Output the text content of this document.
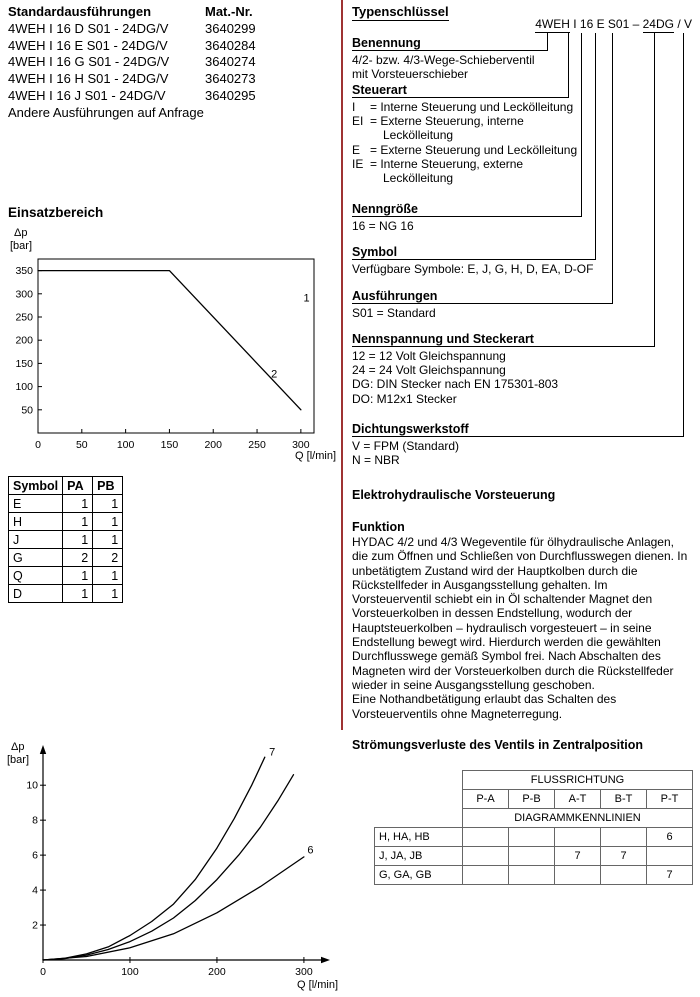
Standardausführungen	Mat.-Nr.
4WEH I 16 D S01 - 24DG/V	3640299
4WEH I 16 E S01 - 24DG/V	3640284
4WEH I 16 G S01 - 24DG/V	3640274
4WEH I 16 H S01 - 24DG/V	3640273
4WEH I 16 J S01 - 24DG/V	3640295
Andere Ausführungen auf Anfrage
Einsatzbereich
0	50	100	150	200	250	300
50
100
150
200
250
300
350
1
2
Δp
[bar]
Q [l/min]
Symbol	PA	PB
E	1	1
H	1	1
J	1	1
G	2	2
Q	1	1
D	1	1
0	100	200	300
2
4
6
8
10
7
6
Δp
[bar]
Q [l/min]
Typenschlüssel
4WEH I 16 E S01 – 24DG / V
Benennung
4/2- bzw. 4/3-Wege-Schieberventil
mit Vorsteuerschieber
Steuerart
I	= Interne Steuerung und Leckölleitung
EI = Externe Steuerung, interne
Leckölleitung
E = Externe Steuerung und Leckölleitung
IE = Interne Steuerung, externe
Leckölleitung
Nenngröße
16 = NG 16
Symbol
Verfügbare Symbole: E, J, G, H, D, EA, D-OF
Ausführungen
S01 = Standard
Nennspannung und Steckerart
12 = 12 Volt Gleichspannung
24 = 24 Volt Gleichspannung
DG: DIN Stecker nach EN 175301-803
DO: M12x1 Stecker
Dichtungswerkstoff
V = FPM (Standard)
N = NBR
Elektrohydraulische Vorsteuerung
Funktion

HYDAC 4/2 und 4/3 Wegeventile für ölhydraulische Anlagen, die zum Öffnen und Schließen von Durchflusswegen dienen. In unbetätigtem Zustand wird der Hauptkolben durch die Rückstellfeder in Ausgangsstellung gehalten. Im Vorsteuerventil schiebt ein in Öl schaltender Magnet den Vorsteuerkolben in dessen Endstellung, wodurch der Hauptsteuerkolben – hydraulisch vorgesteuert – in seine Endstellung bewegt wird. Hierdurch werden die gewählten Durchflusswege gemäß Symbol frei. Nach Abschalten des Magneten wird der Vorsteuerkolben durch die Rückstellfeder wieder in seine Ausgangsstellung geschoben.

Eine Nothandbetätigung erlaubt das Schalten des Vorsteuerventils ohne Magneterregung.

Strömungsverluste des Ventils in Zentralposition
	FLUSSRICHTUNG				
	P-A	P-B	A-T	B-T	P-T
	DIAGRAMMKENNLINIEN				
H, HA, HB					6
J, JA, JB			7	7	
G, GA, GB					7
